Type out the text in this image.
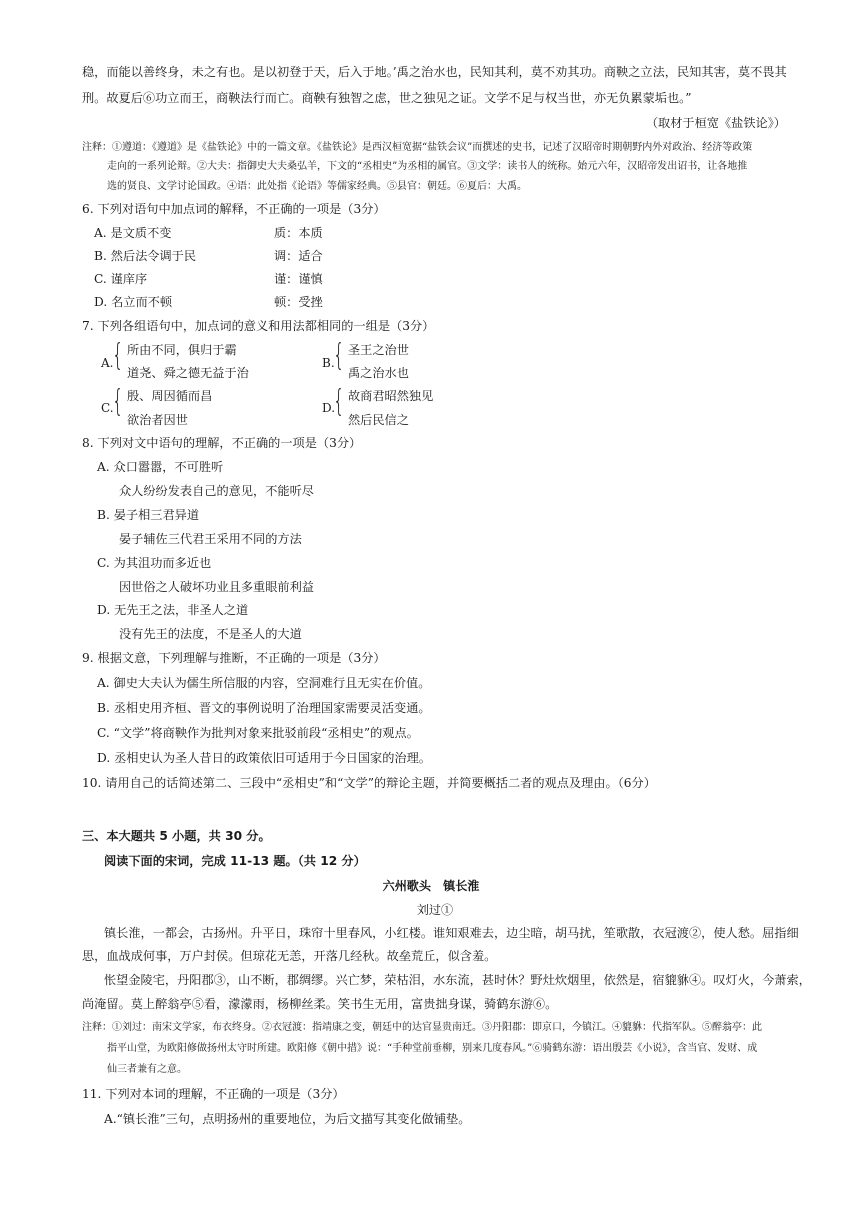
稳，而能以善终身，未之有也。是以初登于天，后入于地。’禹之治水也，民知其利，莫不劝其功。商鞅之立法，民知其害，莫不畏其
刑。故夏后⑥功立而王，商鞅法行而亡。商鞅有独智之虑，世之独见之证。文学不足与权当世，亦无负累蒙垢也。”
（取材于桓宽《盐铁论》）
注释：①遵道：《遵道》是《盐铁论》中的一篇文章。《盐铁论》是西汉桓宽据“盐铁会议”而撰述的史书，记述了汉昭帝时期朝野内外对政治、经济等政策
走向的一系列论辩。②大夫：指御史大夫桑弘羊，下文的“丞相史”为丞相的属官。③文学：读书人的统称。始元六年，汉昭帝发出诏书，让各地推
选的贤良、文学讨论国政。④语：此处指《论语》等儒家经典。⑤县官：朝廷。⑥夏后：大禹。
6. 下列对语句中加点词的解释，不正确的一项是（3分）
A. 是文质不变	质：本质
B. 然后法令调于民	调：适合
C. 谨庠序	谨：谨慎
D. 名立而不顿	顿：受挫
7. 下列各组语句中，加点词的意义和用法都相同的一组是（3分）
A.
{ 所由不同，俱归于霸
道尧、舜之德无益于治
B.
{ 圣王之治世
禹之治水也
C.
{ 殷、周因循而昌
欲治者因世
D.
{ 故商君昭然独见
然后民信之
8. 下列对文中语句的理解，不正确的一项是（3分）
A. 众口嚣嚣，不可胜听
众人纷纷发表自己的意见，不能听尽
B. 晏子相三君异道
晏子辅佐三代君王采用不同的方法
C. 为其沮功而多近也
因世俗之人破坏功业且多重眼前利益
D. 无先王之法，非圣人之道
没有先王的法度，不是圣人的大道
9. 根据文意，下列理解与推断，不正确的一项是（3分）
A. 御史大夫认为儒生所信服的内容，空洞难行且无实在价值。
B. 丞相史用齐桓、晋文的事例说明了治理国家需要灵活变通。
C. “文学”将商鞅作为批判对象来批驳前段“丞相史”的观点。
D. 丞相史认为圣人昔日的政策依旧可适用于今日国家的治理。
10. 请用自己的话简述第二、三段中“丞相史”和“文学”的辩论主题，并简要概括二者的观点及理由。（6分）
三、本大题共 5 小题，共 30 分。
阅读下面的宋词，完成 11-13 题。（共 12 分）
六州歌头　镇长淮
刘过①
镇长淮，一都会，古扬州。升平日，珠帘十里春风，小红楼。谁知艰难去，边尘暗，胡马扰，笙歌散，衣冠渡②，使人愁。屈指细
思，血战成何事，万户封侯。但琼花无恙，开落几经秋。故垒荒丘，似含羞。
怅望金陵宅，丹阳郡③，山不断，郡绸缪。兴亡梦，荣枯泪，水东流，甚时休？野灶炊烟里，依然是，宿貔貅④。叹灯火，今萧索，
尚淹留。莫上醉翁亭⑤看，濛濛雨，杨柳丝柔。笑书生无用，富贵拙身谋，骑鹤东游⑥。
注释：①刘过：南宋文学家，布衣终身。②衣冠渡：指靖康之变，朝廷中的达官显贵南迁。③丹阳郡：即京口，今镇江。④貔貅：代指军队。⑤醉翁亭：此
指平山堂，为欧阳修做扬州太守时所建。欧阳修《朝中措》说：“手种堂前垂柳，别来几度春风。”⑥骑鹤东游：语出殷芸《小说》，含当官、发财、成
仙三者兼有之意。
11. 下列对本词的理解，不正确的一项是（3分）
A.“镇长淮”三句，点明扬州的重要地位，为后文描写其变化做铺垫。
